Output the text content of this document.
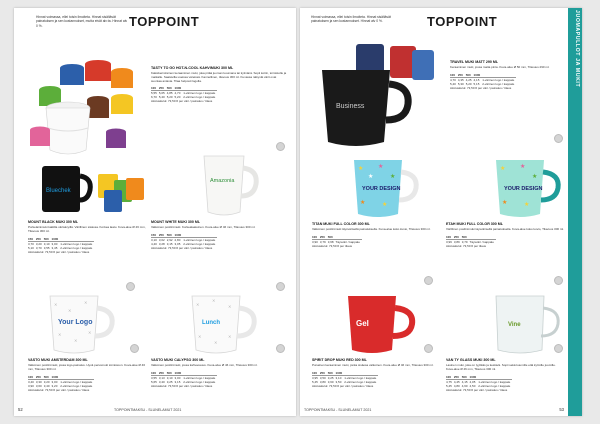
TOPPOINT
Hinnat voimassa, ellei toisin ilmoiteta. Hinnat sisältävät painatuksen ja sen kustannukset, mutta eivät alv:ta. Hinnat alv 0 %.
TASTY TO GO HOT-N-COOL KAHVIMUKI 300 ML
Kaksikerroksinen keraaminen muki, joka pitää juoman kuumana tai kylmänä. Sopii kotiin, toimistolle ja matkalle. Saatavilla useissa väreissä. Kannellinen, tilavuus 300 ml. Kuvassa näkyvät värit ovat suuntaa antavia. Tilaa helposti logolla.
100	250	500	1000	
5,55	5,05	4,85	4,70	1-värinen logo / kappale
6,70	5,40	5,20	5,20	2-värinen logo / kappale
Aloituskulut: 73,50 € per väri / painatus / tilaus
Bluechek
Amazonia
MOUNT BLACK MUKI 300 ML
Porkelainimuki kaikilla värisävyillä. Värillinen sisäosa. Korkea laatu. Kuva-alue Ø 46 mm, Tilavuus 300 ml.
150	250	500	1000	
3,70	3,20	3,10	3,00	1-värinen logo / kappale
5,10	3,70	3,55	3,45	2-värinen logo / kappale
Aloituskulut: 73,50 € per väri / painatus / tilaus
MOUNT WHITE MUKI 300 ML
Valkoinen posliinimuki. Korkealaatuinen. Kuva-alue Ø 46 mm, Tilavuus 300 ml.
150	250	500	1000	
3,10	3,02	2,92	2,80	1-värinen logo / kappale
4,40	3,28	3,15	3,05	2-värinen logo / kappale
Aloituskulut: 73,50 € per väri / painatus / tilaus
✕
✕
✕
✕
✕
✕
Your Logo
✕
✕
✕
✕
✕
✕
Lunch
VASTO MUKI AMSTERDAM 300 ML
Valkoinen posliinimuki, jossa logo-painatus. Hyvä perusmuki toimistoon. Kuva-alue Ø 46 mm, Tilavuus 300 ml.
100	250	500	1000	
3,40	3,30	3,20	3,00	1-värinen logo / kappale
3,90	3,60	3,40	3,20	2-värinen logo / kappale
Aloituskulut: 73,50 € per väri / painatus / tilaus
VASTO MUKI CALYPSO 300 ML
Valkoinen posliinimuki, jossa kahvaosuus. Kuva-alue Ø 46 mm, Tilavuus 300 ml.
100	250	500	1000	
3,55	3,13	3,10	3,00	1-värinen logo / kappale
5,65	3,40	3,25	3,15	2-värinen logo / kappale
Aloituskulut: 73,50 € per väri / painatus / tilaus
52	TOPPOINTMAKSU - SLUNELAMUT 2021
TOPPOINT
Hinnat voimassa, ellei toisin ilmoiteta. Hinnat sisältävät painatuksen ja sen kustannukset. Hinnat alv 0 %.	JUOMAPULLOT JA MUKIT
Business
TRAVEL MUKI MATT 290 ML
Keraaminen muki, jossa matta pinta. Kuva-alue Ø 50 mm, Tilavuus 290 ml.
100	250	500	1000	
4,70	4,35	4,25	4,15	1-värinen logo / kappale
5,40	5,30	5,20	5,15	2-värinen logo / kappale
Aloituskulut: 73,50 € per väri / painatus / tilaus
★ ★
★
★	★
★
YOUR DESIGN
★ ★
★
★	★
YOUR DESIGN
TITAN MUKI FULL COLOR 300 ML
Valkoinen posliinimuki täysvärisellä painatuksella. Kuva-alue koko kuvio, Tilavuus 300 ml.
100	250	500	
3,90	3,79	3,68	Täysväri / kappale
Aloituskulut: 73,50 € per tilaus
ETAH MUKI FULL COLOR 300 ML
Värillinen posliinimuki täysvärisellä painatuksella. Kuva-alue koko kuvio, Tilavuus 300 ml.
100	250	500	
3,99	3,89	3,79	Täysväri / kappale
Aloituskulut: 73,50 € per tilaus
Gel	Vine
SPIRIT DROP MUKI RED 300 ML
Punainen keraaminen muki, jonka sisäosa valkoinen. Kuva-alue Ø 46 mm, Tilavuus 300 ml.
100	250	500	1000	
3,95	3,50	3,25	3,10	1-värinen logo / kappale
5,45	3,80	3,60	3,50	2-värinen logo / kappale
Aloituskulut: 73,50 € per väri / painatus / tilaus
VAN TY GLASS MUKI 300 ML
Lasinen muki, joka on tyylikäs ja kestävä. Sopii sekä kuumille että kylmille juomille. Kuva-alue Ø 46 mm, Tilavuus 300 ml.
100	250	500	1000	
4,75	4,45	4,15	4,05	1-värinen logo / kappale
5,45	4,80	4,60	4,50	2-värinen logo / kappale
Aloituskulut: 73,50 € per väri / painatus / tilaus
TOPPOINTMAKSU - SLUNELAMUT 2021	53
